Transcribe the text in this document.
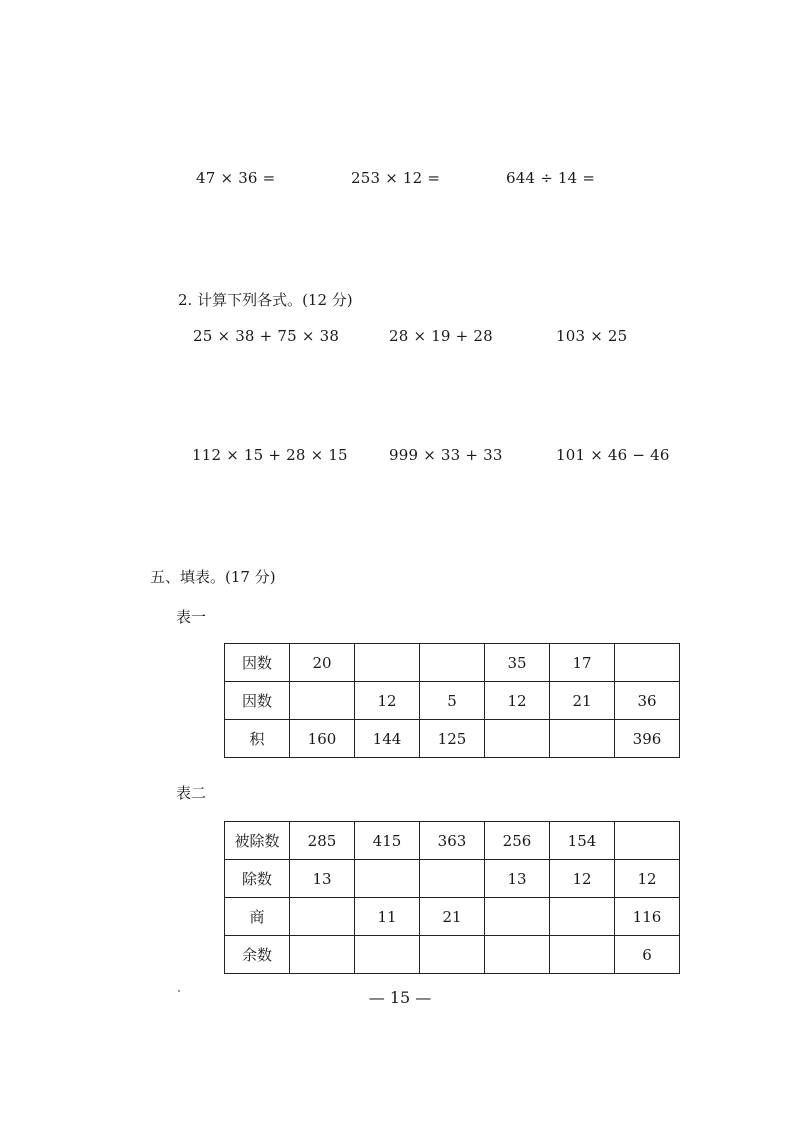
47 × 36 =	253 × 12 =	644 ÷ 14 =
2. 计算下列各式。(12 分)
25 × 38 + 75 × 38	28 × 19 + 28	103 × 25
112 × 15 + 28 × 15	999 × 33 + 33	101 × 46 − 46
五、填表。(17 分)
表一
因数	20			35	17	
因数		12	5	12	21	36
积	160	144	125			396
表二
被除数	285	415	363	256	154	
除数	13			13	12	12
商		11	21			116
余数						6
— 15 —
